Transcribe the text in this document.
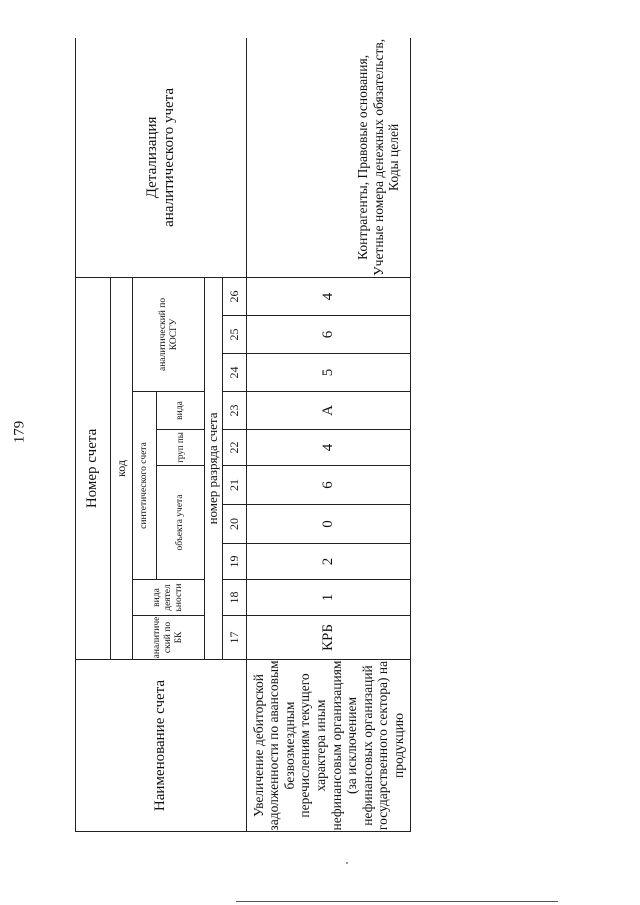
179
Наименование счета	Номер счета										Детализация аналитического учета
	код										
	аналитиче ский по БК	вида деятел ьности	синтетического счета					аналитический по КОСГУ			
			объекта учета			груп пы	вида				
	номер разряда счета										
	17	18	19	20	21	22	23	24	25	26	
Увеличение дебиторской задолженности по авансовым безвозмездным перечислениям текущего характера иным нефинансовым организациям (за исключением нефинансовых организаций государственного сектора) на продукцию	КРБ	1	2	0	6	4	А	5	6	4	Контрагенты, Правовые основания, Учетные номера денежных обязательств, Коды целей
